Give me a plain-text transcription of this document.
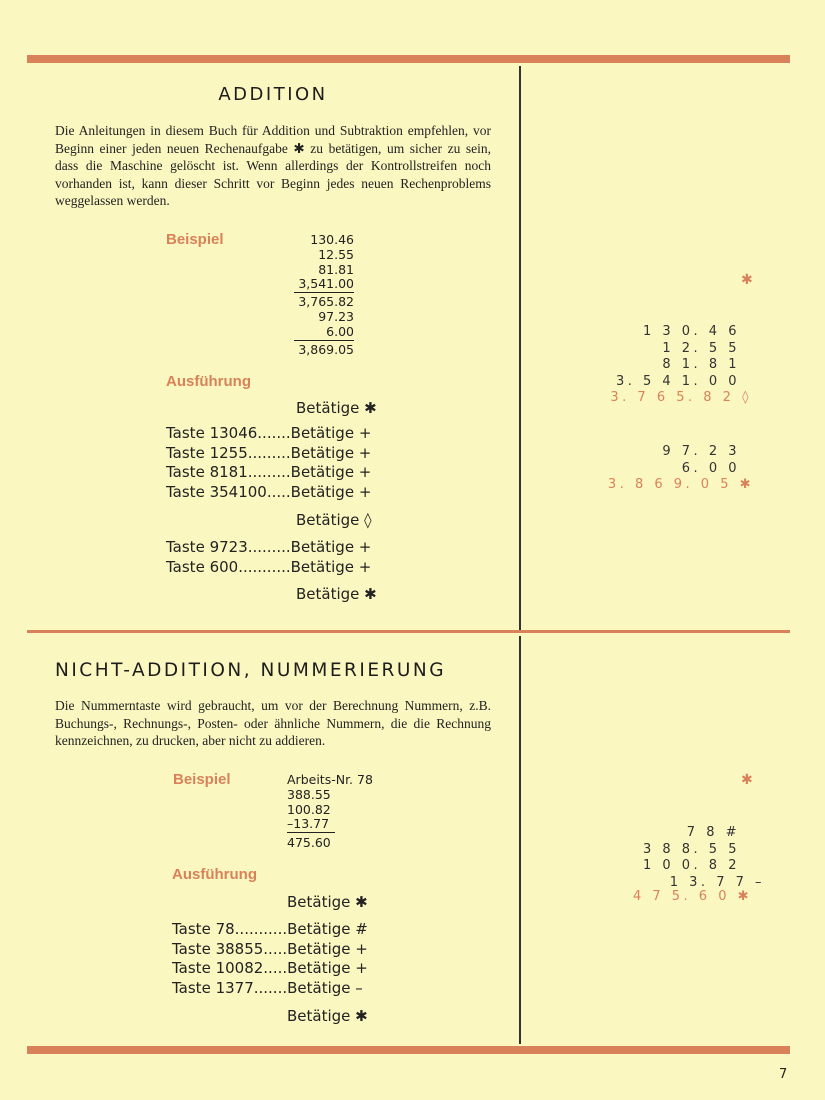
ADDITION

Die Anleitungen in diesem Buch für Addition und Subtraktion empfehlen, vor Beginn einer jeden neuen Rechenaufgabe ✱ zu betätigen, um sicher zu sein, dass die Maschine gelöscht ist. Wenn allerdings der Kontrollstreifen noch vorhanden ist, kann dieser Schritt vor Beginn jedes neuen Rechenproblems weggelassen werden.

Beispiel	130.46
12.55
81.81
3,541.00
3,765.82
97.23
6.00
3,869.05
Ausführung
Betätige ✱
Taste 13046.......Betätige +
Taste 1255.........Betätige +
Taste 8181.........Betätige +
Taste 354100.....Betätige +
Betätige ◊
Taste 9723.........Betätige +
Taste 600...........Betätige +
Betätige ✱
✱
1 3 0. 4 6
1 2. 5 5
8 1. 8 1
3. 5 4 1. 0 0
3. 7 6 5. 8 2 ◊
9 7. 2 3
6. 0 0
3. 8 6 9. 0 5 ✱
NICHT-ADDITION, NUMMERIERUNG

Die Nummerntaste wird gebraucht, um vor der Berechnung Nummern, z.B. Buchungs-, Rechnungs-, Posten- oder ähnliche Nummern, die die Rechnung kennzeichnen, zu drucken, aber nicht zu addieren.

Beispiel	Arbeits-Nr. 78
388.55
100.82
–13.77
475.60
Ausführung
Betätige ✱
Taste 78...........Betätige #
Taste 38855.....Betätige +
Taste 10082.....Betätige +
Taste 1377.......Betätige –
Betätige ✱
✱
7 8 #
3 8 8. 5 5
1 0 0. 8 2
1 3. 7 7 –
4 7 5. 6 0 ✱
7
